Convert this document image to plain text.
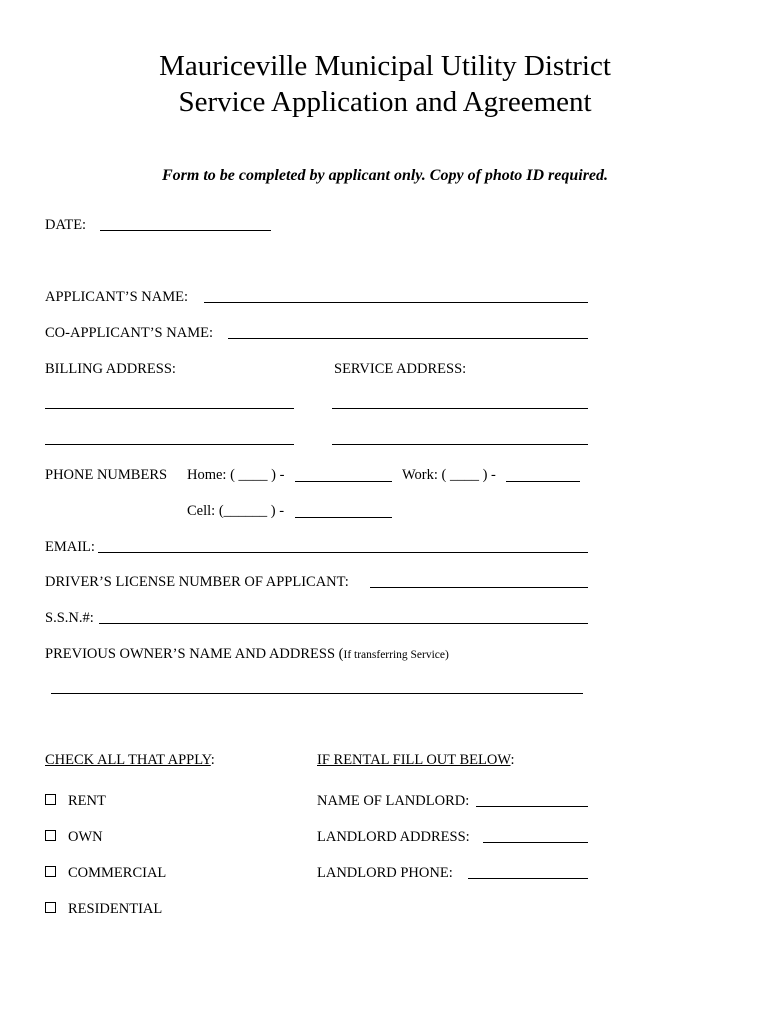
Mauriceville Municipal Utility District
Service Application and Agreement
Form to be completed by applicant only. Copy of photo ID required.
DATE:
APPLICANT’S NAME:
CO-APPLICANT’S NAME:
BILLING ADDRESS:	SERVICE ADDRESS:
PHONE NUMBERS Home: ( ____ ) -	Work: ( ____ ) -
Cell: (______ ) -
EMAIL:
DRIVER’S LICENSE NUMBER OF APPLICANT:
S.S.N.#:
PREVIOUS OWNER’S NAME AND ADDRESS (If transferring Service)
CHECK ALL THAT APPLY:
RENT
OWN
COMMERCIAL
RESIDENTIAL
IF RENTAL FILL OUT BELOW:
NAME OF LANDLORD:
LANDLORD ADDRESS:
LANDLORD PHONE:
